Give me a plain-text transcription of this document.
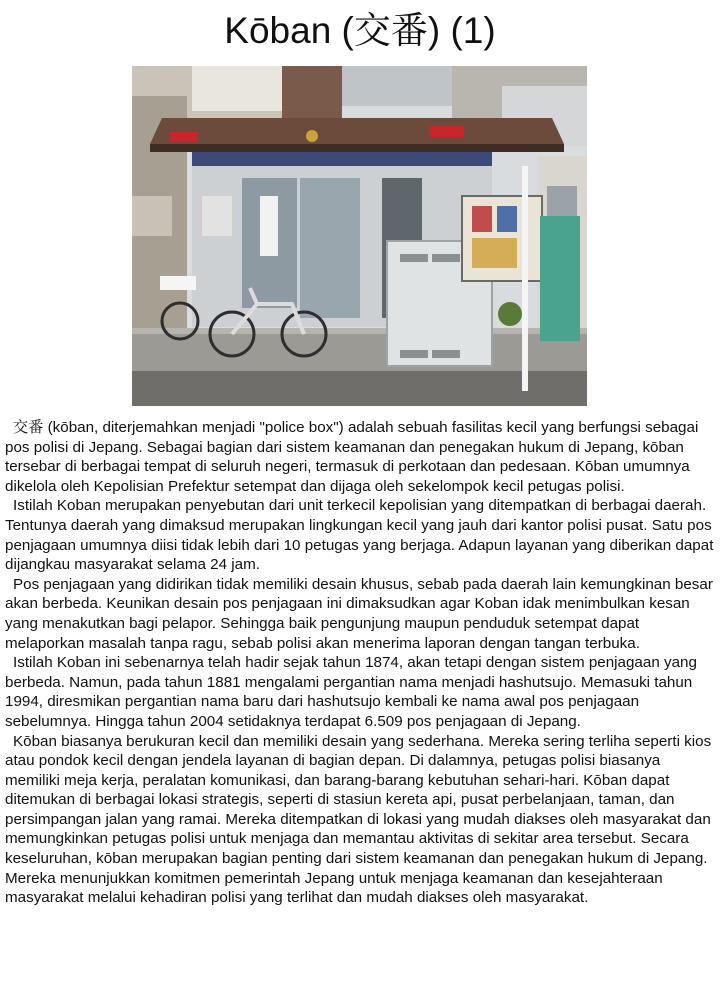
Kōban (交番) (1)

交番 (kōban, diterjemahkan menjadi "police box") adalah sebuah fasilitas kecil yang berfungsi sebagai pos polisi di Jepang. Sebagai bagian dari sistem keamanan dan penegakan hukum di Jepang, kōban tersebar di berbagai tempat di seluruh negeri, termasuk di perkotaan dan pedesaan. Kōban umumnya dikelola oleh Kepolisian Prefektur setempat dan dijaga oleh sekelompok kecil petugas polisi.

Istilah Koban merupakan penyebutan dari unit terkecil kepolisian yang ditempatkan di berbagai daerah. Tentunya daerah yang dimaksud merupakan lingkungan kecil yang jauh dari kantor polisi pusat. Satu pos penjagaan umumnya diisi tidak lebih dari 10 petugas yang berjaga. Adapun layanan yang diberikan dapat dijangkau masyarakat selama 24 jam.

Pos penjagaan yang didirikan tidak memiliki desain khusus, sebab pada daerah lain kemungkinan besar akan berbeda. Keunikan desain pos penjagaan ini dimaksudkan agar Koban idak menimbulkan kesan yang menakutkan bagi pelapor. Sehingga baik pengunjung maupun penduduk setempat dapat melaporkan masalah tanpa ragu, sebab polisi akan menerima laporan dengan tangan terbuka.

Istilah Koban ini sebenarnya telah hadir sejak tahun 1874, akan tetapi dengan sistem penjagaan yang berbeda. Namun, pada tahun 1881 mengalami pergantian nama menjadi hashutsujo. Memasuki tahun 1994, diresmikan pergantian nama baru dari hashutsujo kembali ke nama awal pos penjagaan sebelumnya. Hingga tahun 2004 setidaknya terdapat 6.509 pos penjagaan di Jepang.

Kōban biasanya berukuran kecil dan memiliki desain yang sederhana. Mereka sering terliha seperti kios atau pondok kecil dengan jendela layanan di bagian depan. Di dalamnya, petugas polisi biasanya memiliki meja kerja, peralatan komunikasi, dan barang-barang kebutuhan sehari-hari. Kōban dapat ditemukan di berbagai lokasi strategis, seperti di stasiun kereta api, pusat perbelanjaan, taman, dan persimpangan jalan yang ramai. Mereka ditempatkan di lokasi yang mudah diakses oleh masyarakat dan memungkinkan petugas polisi untuk menjaga dan memantau aktivitas di sekitar area tersebut. Secara keseluruhan, kōban merupakan bagian penting dari sistem keamanan dan penegakan hukum di Jepang. Mereka menunjukkan komitmen pemerintah Jepang untuk menjaga keamanan dan kesejahteraan masyarakat melalui kehadiran polisi yang terlihat dan mudah diakses oleh masyarakat.
